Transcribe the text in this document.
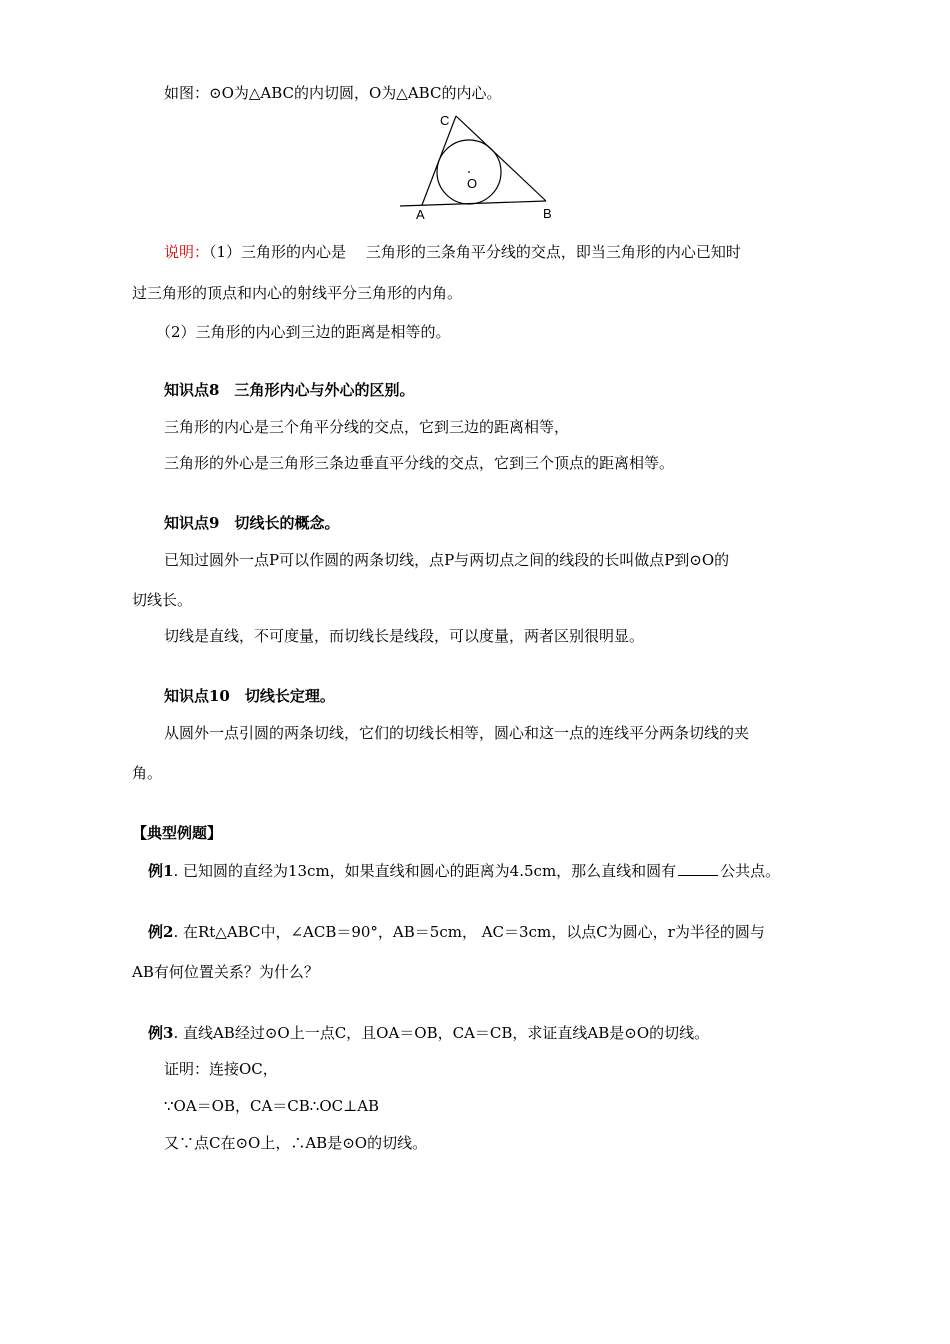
如图：⊙O为△ABC的内切圆，O为△ABC的内心。
C
O
A	B
说明：（1）三角形的内心是　 三角形的三条角平分线的交点，即当三角形的内心已知时
过三角形的顶点和内心的射线平分三角形的内角。
（2）三角形的内心到三边的距离是相等的。
知识点8　三角形内心与外心的区别。
三角形的内心是三个角平分线的交点，它到三边的距离相等，
三角形的外心是三角形三条边垂直平分线的交点，它到三个顶点的距离相等。
知识点9　切线长的概念。
已知过圆外一点P可以作圆的两条切线，点P与两切点之间的线段的长叫做点P到⊙O的
切线长。
切线是直线，不可度量，而切线长是线段，可以度量，两者区别很明显。
知识点10　切线长定理。
从圆外一点引圆的两条切线，它们的切线长相等，圆心和这一点的连线平分两条切线的夹
角。
【典型例题】
例1. 已知圆的直经为13cm，如果直线和圆心的距离为4.5cm，那么直线和圆有	公共点。
例2. 在Rt△ABC中，∠ACB＝90°，AB＝5cm， AC＝3cm，以点C为圆心，r为半径的圆与
AB有何位置关系？为什么？
例3. 直线AB经过⊙O上一点C，且OA＝OB，CA＝CB，求证直线AB是⊙O的切线。
证明：连接OC，
∵OA＝OB，CA＝CB∴OC⊥AB
又∵点C在⊙O上，∴AB是⊙O的切线。
